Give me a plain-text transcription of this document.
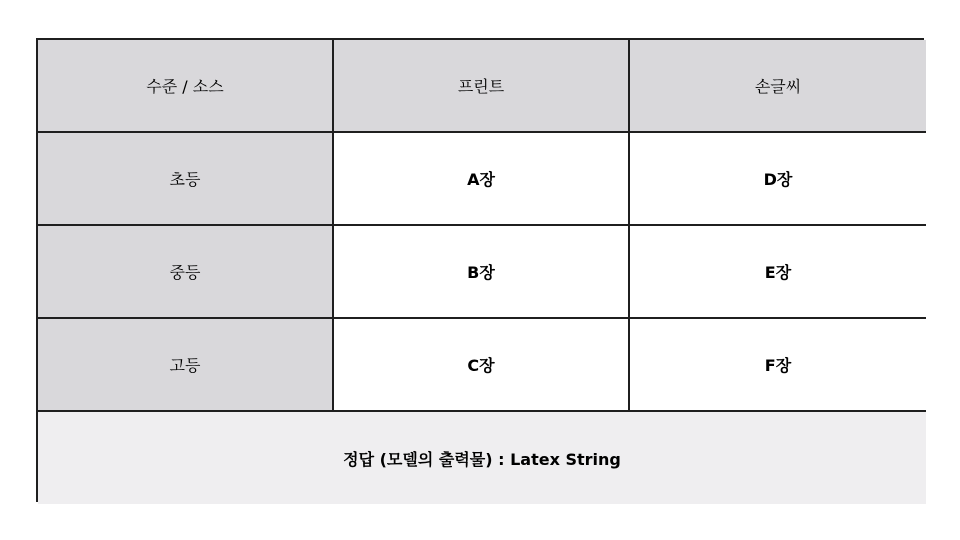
수준 / 소스	프린트	손글씨
초등	A장	D장
중등	B장	E장
고등	C장	F장
정답 (모델의 출력물) : Latex String
